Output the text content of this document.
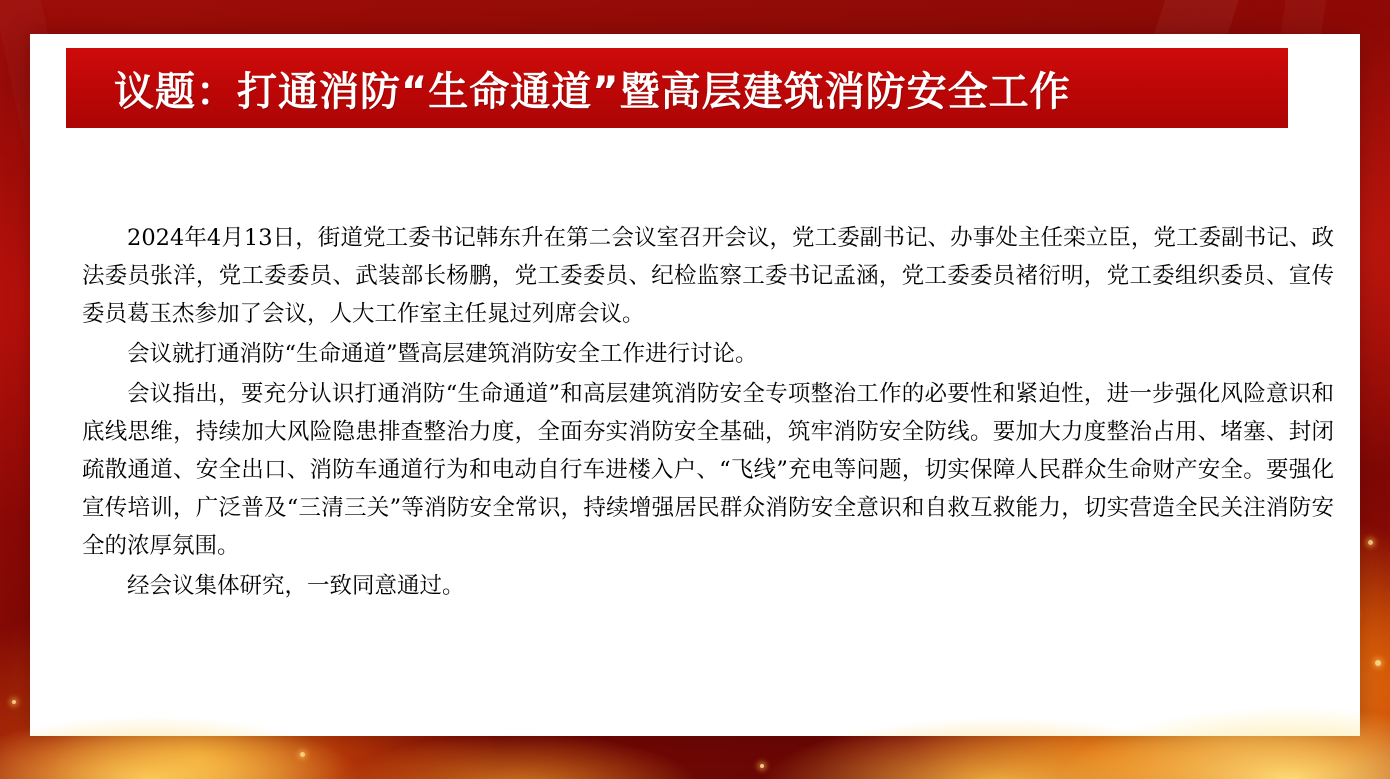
议题：打通消防“生命通道”暨高层建筑消防安全工作

2024年4月13日，街道党工委书记韩东升在第二会议室召开会议，党工委副书记、办事处主任栾立臣，党工委副书记、政法委员张洋，党工委委员、武装部长杨鹏，党工委委员、纪检监察工委书记孟涵，党工委委员褚衍明，党工委组织委员、宣传委员葛玉杰参加了会议，人大工作室主任晁过列席会议。

会议就打通消防“生命通道”暨高层建筑消防安全工作进行讨论。

会议指出，要充分认识打通消防“生命通道”和高层建筑消防安全专项整治工作的必要性和紧迫性，进一步强化风险意识和底线思维，持续加大风险隐患排查整治力度，全面夯实消防安全基础，筑牢消防安全防线。要加大力度整治占用、堵塞、封闭疏散通道、安全出口、消防车通道行为和电动自行车进楼入户、“飞线”充电等问题，切实保障人民群众生命财产安全。要强化宣传培训，广泛普及“三清三关”等消防安全常识，持续增强居民群众消防安全意识和自救互救能力，切实营造全民关注消防安全的浓厚氛围。

经会议集体研究，一致同意通过。
